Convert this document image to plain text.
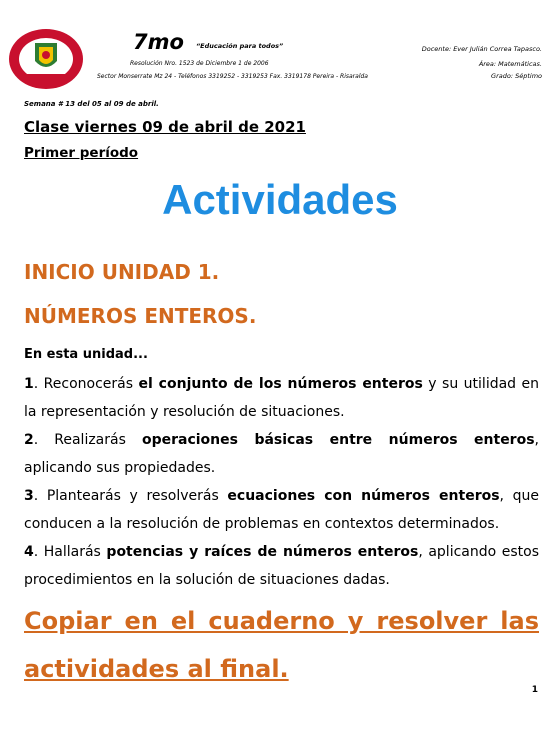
7mo “Educación para todos”
Resolución Nro. 1523 de Diciembre 1 de 2006
Sector Monserrate Mz 24 - Teléfonos 3319252 - 3319253 Fax. 3319178 Pereira - Risaralda
Docente: Ever Julián Correa Tapasco.
Área: Matemáticas.
Grado: Séptimo
Semana # 13 del 05 al 09 de abril.
Clase viernes 09 de abril de 2021
Primer período
Actividades
INICIO UNIDAD 1.
NÚMEROS ENTEROS.
En esta unidad...
1. Reconocerás el conjunto de los números enteros y su utilidad en la representación y resolución de situaciones.
2. Realizarás operaciones básicas entre números enteros, aplicando sus propiedades.
3. Plantearás y resolverás ecuaciones con números enteros, que conducen a la resolución de problemas en contextos determinados.
4. Hallarás potencias y raíces de números enteros, aplicando estos procedimientos en la solución de situaciones dadas.
Copiar en el cuaderno y resolver las
actividades al final.
1
